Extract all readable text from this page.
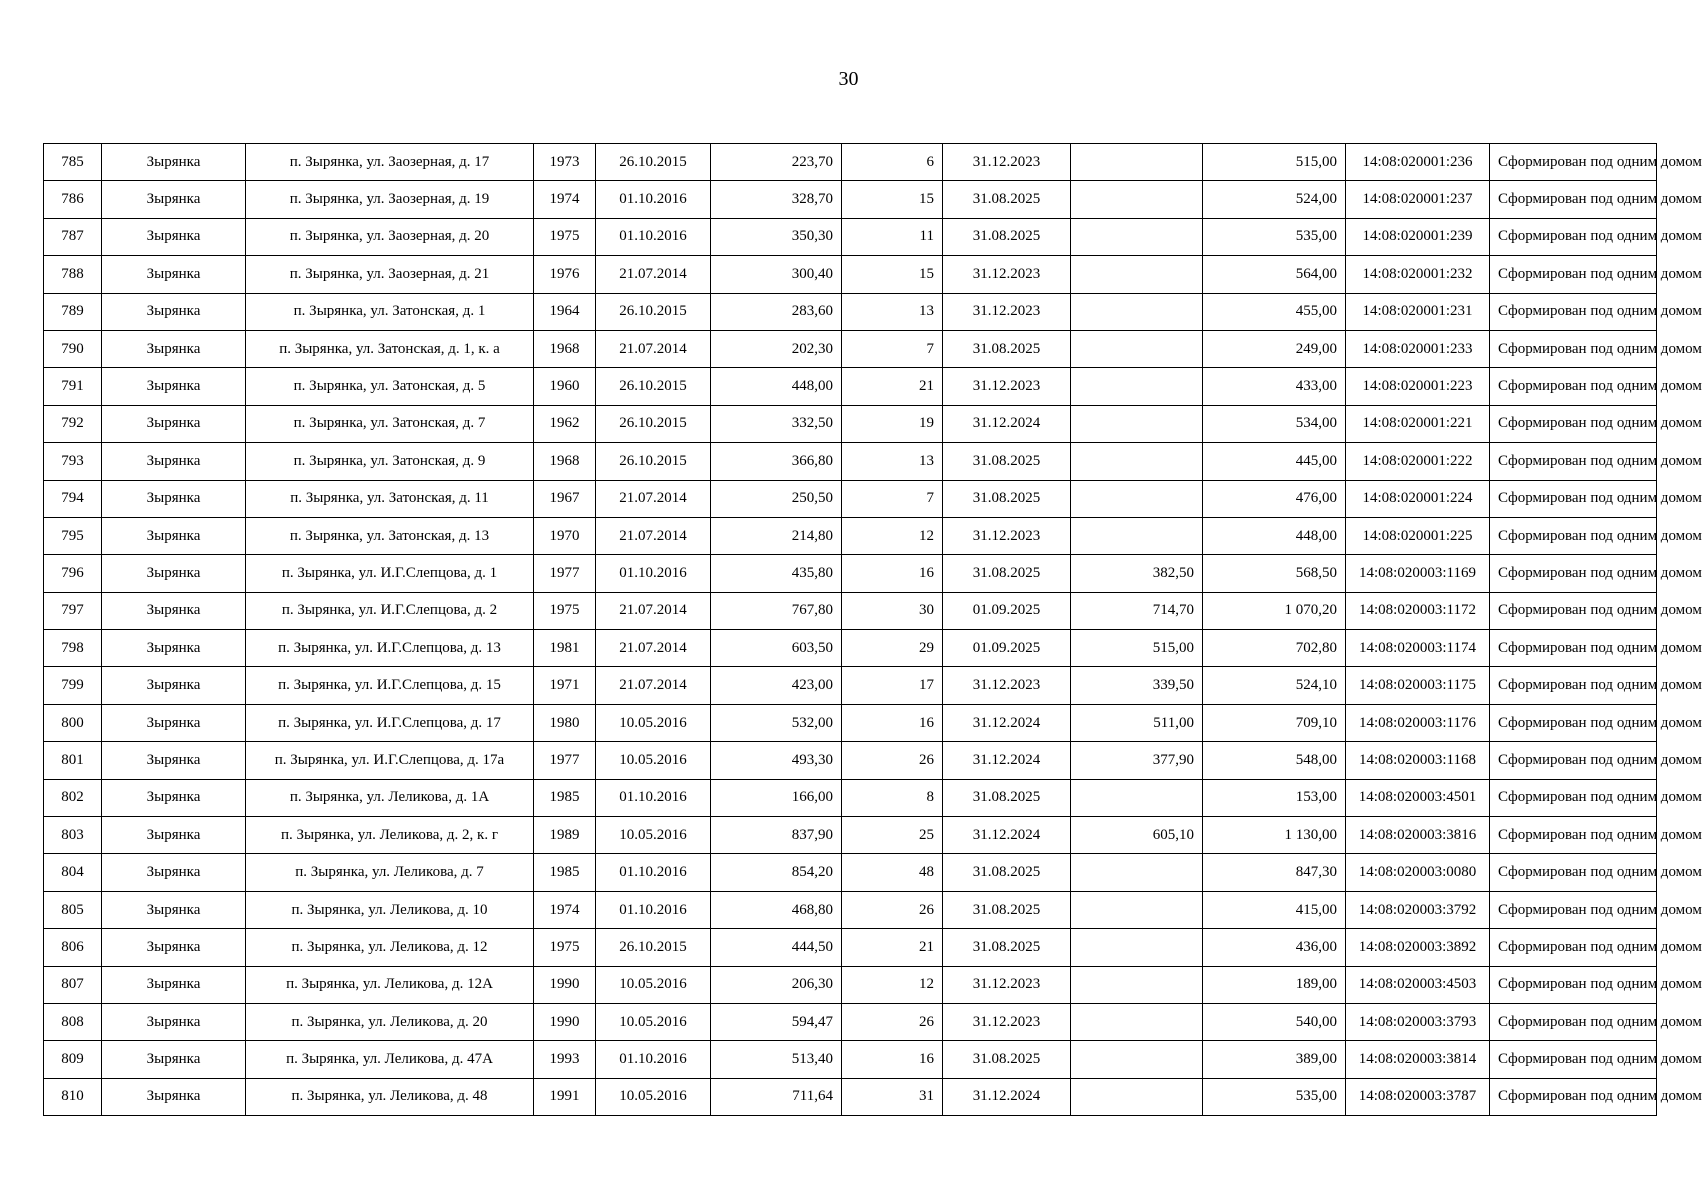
30
785	Зырянка	п. Зырянка, ул. Заозерная, д. 17	1973	26.10.2015	223,70	6	31.12.2023		515,00	14:08:020001:236	Сформирован под одним домом
786	Зырянка	п. Зырянка, ул. Заозерная, д. 19	1974	01.10.2016	328,70	15	31.08.2025		524,00	14:08:020001:237	Сформирован под одним домом
787	Зырянка	п. Зырянка, ул. Заозерная, д. 20	1975	01.10.2016	350,30	11	31.08.2025		535,00	14:08:020001:239	Сформирован под одним домом
788	Зырянка	п. Зырянка, ул. Заозерная, д. 21	1976	21.07.2014	300,40	15	31.12.2023		564,00	14:08:020001:232	Сформирован под одним домом
789	Зырянка	п. Зырянка, ул. Затонская, д. 1	1964	26.10.2015	283,60	13	31.12.2023		455,00	14:08:020001:231	Сформирован под одним домом
790	Зырянка	п. Зырянка, ул. Затонская, д. 1, к. а	1968	21.07.2014	202,30	7	31.08.2025		249,00	14:08:020001:233	Сформирован под одним домом
791	Зырянка	п. Зырянка, ул. Затонская, д. 5	1960	26.10.2015	448,00	21	31.12.2023		433,00	14:08:020001:223	Сформирован под одним домом
792	Зырянка	п. Зырянка, ул. Затонская, д. 7	1962	26.10.2015	332,50	19	31.12.2024		534,00	14:08:020001:221	Сформирован под одним домом
793	Зырянка	п. Зырянка, ул. Затонская, д. 9	1968	26.10.2015	366,80	13	31.08.2025		445,00	14:08:020001:222	Сформирован под одним домом
794	Зырянка	п. Зырянка, ул. Затонская, д. 11	1967	21.07.2014	250,50	7	31.08.2025		476,00	14:08:020001:224	Сформирован под одним домом
795	Зырянка	п. Зырянка, ул. Затонская, д. 13	1970	21.07.2014	214,80	12	31.12.2023		448,00	14:08:020001:225	Сформирован под одним домом
796	Зырянка	п. Зырянка, ул. И.Г.Слепцова, д. 1	1977	01.10.2016	435,80	16	31.08.2025	382,50	568,50	14:08:020003:1169	Сформирован под одним домом
797	Зырянка	п. Зырянка, ул. И.Г.Слепцова, д. 2	1975	21.07.2014	767,80	30	01.09.2025	714,70	1 070,20	14:08:020003:1172	Сформирован под одним домом
798	Зырянка	п. Зырянка, ул. И.Г.Слепцова, д. 13	1981	21.07.2014	603,50	29	01.09.2025	515,00	702,80	14:08:020003:1174	Сформирован под одним домом
799	Зырянка	п. Зырянка, ул. И.Г.Слепцова, д. 15	1971	21.07.2014	423,00	17	31.12.2023	339,50	524,10	14:08:020003:1175	Сформирован под одним домом
800	Зырянка	п. Зырянка, ул. И.Г.Слепцова, д. 17	1980	10.05.2016	532,00	16	31.12.2024	511,00	709,10	14:08:020003:1176	Сформирован под одним домом
801	Зырянка	п. Зырянка, ул. И.Г.Слепцова, д. 17а	1977	10.05.2016	493,30	26	31.12.2024	377,90	548,00	14:08:020003:1168	Сформирован под одним домом
802	Зырянка	п. Зырянка, ул. Леликова, д. 1А	1985	01.10.2016	166,00	8	31.08.2025		153,00	14:08:020003:4501	Сформирован под одним домом
803	Зырянка	п. Зырянка, ул. Леликова, д. 2, к. г	1989	10.05.2016	837,90	25	31.12.2024	605,10	1 130,00	14:08:020003:3816	Сформирован под одним домом
804	Зырянка	п. Зырянка, ул. Леликова, д. 7	1985	01.10.2016	854,20	48	31.08.2025		847,30	14:08:020003:0080	Сформирован под одним домом
805	Зырянка	п. Зырянка, ул. Леликова, д. 10	1974	01.10.2016	468,80	26	31.08.2025		415,00	14:08:020003:3792	Сформирован под одним домом
806	Зырянка	п. Зырянка, ул. Леликова, д. 12	1975	26.10.2015	444,50	21	31.08.2025		436,00	14:08:020003:3892	Сформирован под одним домом
807	Зырянка	п. Зырянка, ул. Леликова, д. 12А	1990	10.05.2016	206,30	12	31.12.2023		189,00	14:08:020003:4503	Сформирован под одним домом
808	Зырянка	п. Зырянка, ул. Леликова, д. 20	1990	10.05.2016	594,47	26	31.12.2023		540,00	14:08:020003:3793	Сформирован под одним домом
809	Зырянка	п. Зырянка, ул. Леликова, д. 47А	1993	01.10.2016	513,40	16	31.08.2025		389,00	14:08:020003:3814	Сформирован под одним домом
810	Зырянка	п. Зырянка, ул. Леликова, д. 48	1991	10.05.2016	711,64	31	31.12.2024		535,00	14:08:020003:3787	Сформирован под одним домом
